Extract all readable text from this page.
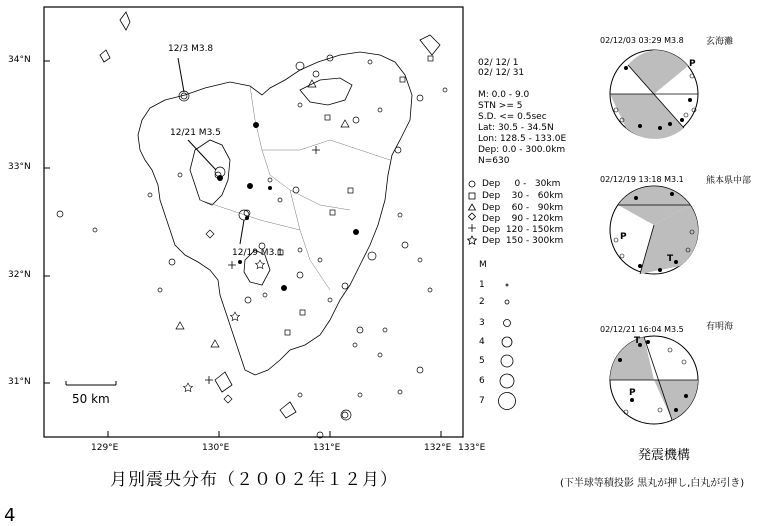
34°N
33°N
32°N
31°N
129°E	130°E	131°E	132°E 133°E
12/3 M3.8
12/21 M3.5
12/19 M3.1
50 km
02/ 12/ 1
02/ 12/ 31
M: 0.0 - 9.0
STN >= 5
S.D. <= 0.5sec
Lat: 30.5 - 34.5N
Lon: 128.5 - 133.0E
Dep: 0.0 - 300.0km
N=630
Dep     0 -   30km
Dep    30 -   60km
Dep    60 -   90km
Dep    90 - 120km
Dep  120 - 150km
Dep  150 - 300km
M
1
2
3
4
5
6
7
02/12/03 03:29 M3.8 玄海灘
P
02/12/19 13:18 M3.1 熊本県中部
P
T
02/12/21 16:04 M3.5 有明海
T
P
月別震央分布（２００２年１２月）
発震機構
(下半球等積投影 黒丸が押し,白丸が引き)
4
